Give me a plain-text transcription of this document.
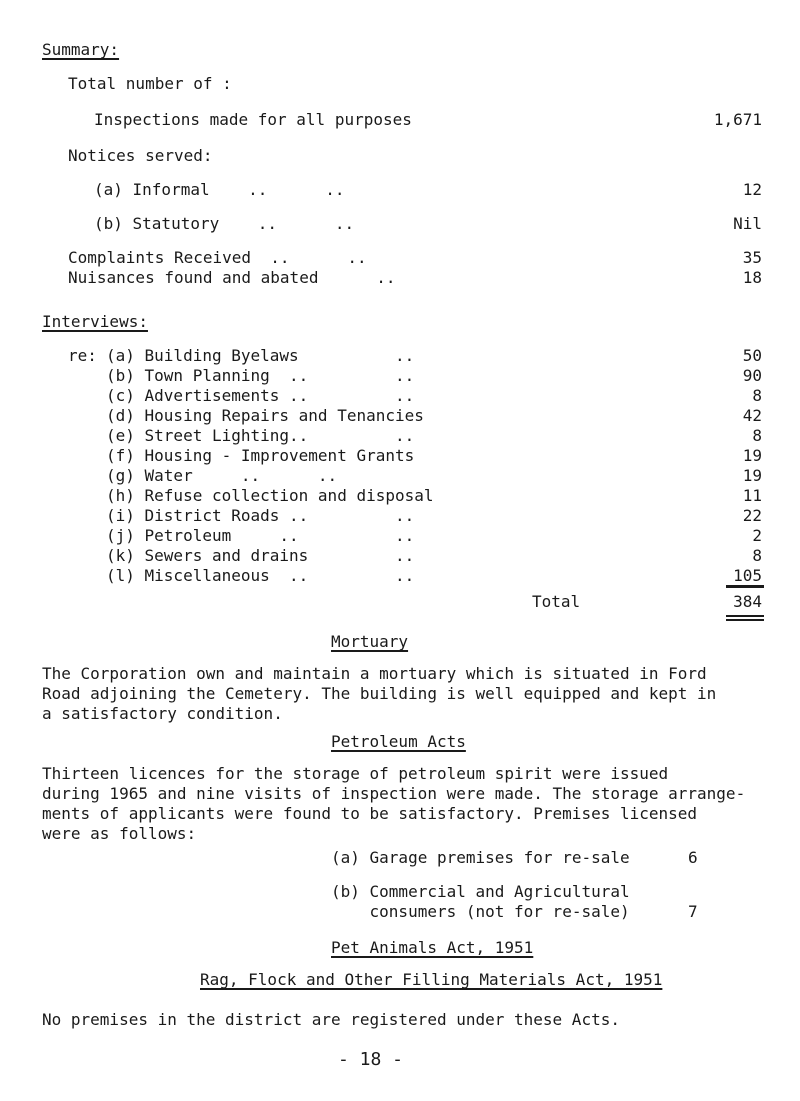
Summary:
Total number of :
Inspections made for all purposes	1,671
Notices served:
(a) Informal    ..      ..	12
(b) Statutory    ..      ..	Nil
Complaints Received  ..      ..	35
Nuisances found and abated      ..	18
Interviews:
re: (a) Building Byelaws          ..	50
(b) Town Planning  ..         ..	90
(c) Advertisements ..         ..	8
(d) Housing Repairs and Tenancies	42
(e) Street Lighting..         ..	8
(f) Housing - Improvement Grants	19
(g) Water     ..      ..	19
(h) Refuse collection and disposal	11
(i) District Roads ..         ..	22
(j) Petroleum     ..          ..	2
(k) Sewers and drains         ..	8
(l) Miscellaneous  ..         ..	105
Total	384
Mortuary
The Corporation own and maintain a mortuary which is situated in Ford
Road adjoining the Cemetery. The building is well equipped and kept in
a satisfactory condition.
Petroleum Acts
Thirteen licences for the storage of petroleum spirit were issued
during 1965 and nine visits of inspection were made. The storage arrange-
ments of applicants were found to be satisfactory. Premises licensed
were as follows:
(a) Garage premises for re-sale	6
(b) Commercial and Agricultural
consumers (not for re-sale)	7
Pet Animals Act, 1951
Rag, Flock and Other Filling Materials Act, 1951
No premises in the district are registered under these Acts.
- 18 -
